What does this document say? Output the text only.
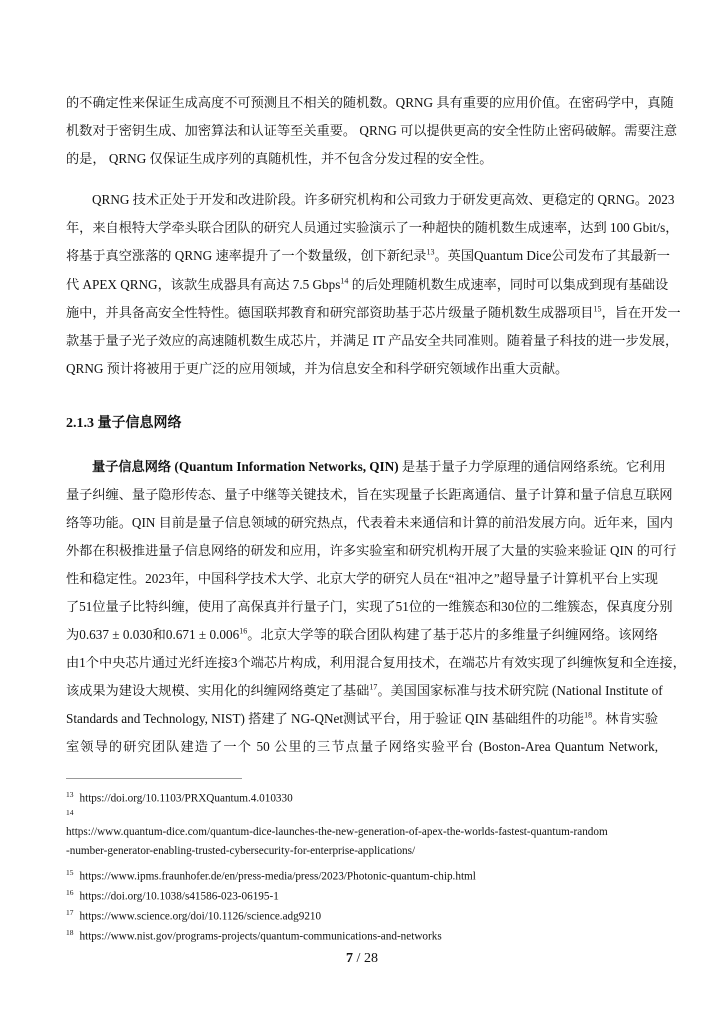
的不确定性来保证生成高度不可预测且不相关的随机数。QRNG 具有重要的应用价值。在密码学中，真随
机数对于密钥生成、加密算法和认证等至关重要。 QRNG 可以提供更高的安全性防止密码破解。需要注意
的是， QRNG 仅保证生成序列的真随机性，并不包含分发过程的安全性。
QRNG 技术正处于开发和改进阶段。许多研究机构和公司致力于研发更高效、更稳定的 QRNG。2023
年，来自根特大学牵头联合团队的研究人员通过实验演示了一种超快的随机数生成速率，达到 100 Gbit/s，
将基于真空涨落的 QRNG 速率提升了一个数量级，创下新纪录$^{13}$。英国Quantum Dice公司发布了其最新一
代 APEX QRNG，该款生成器具有高达 7.5 Gbps$^{14}$ 的后处理随机数生成速率，同时可以集成到现有基础设
施中，并具备高安全性特性。德国联邦教育和研究部资助基于芯片级量子随机数生成器项目$^{15}$，旨在开发一
款基于量子光子效应的高速随机数生成芯片，并满足 IT 产品安全共同准则。随着量子科技的进一步发展，
QRNG 预计将被用于更广泛的应用领域，并为信息安全和科学研究领域作出重大贡献。
2.1.3 量子信息网络
量子信息网络 (Quantum Information Networks, QIN) 是基于量子力学原理的通信网络系统。它利用
量子纠缠、量子隐形传态、量子中继等关键技术，旨在实现量子长距离通信、量子计算和量子信息互联网
络等功能。QIN 目前是量子信息领域的研究热点，代表着未来通信和计算的前沿发展方向。近年来，国内
外都在积极推进量子信息网络的研发和应用，许多实验室和研究机构开展了大量的实验来验证 QIN 的可行
性和稳定性。2023年，中国科学技术大学、北京大学的研究人员在“祖冲之”超导量子计算机平台上实现
了51位量子比特纠缠，使用了高保真并行量子门，实现了51位的一维簇态和30位的二维簇态，保真度分别
为0.637 ± 0.030和$0.671 \pm 0.006^{16}$。北京大学等的联合团队构建了基于芯片的多维量子纠缠网络。该网络
由1个中央芯片通过光纤连接3个端芯片构成，利用混合复用技术，在端芯片有效实现了纠缠恢复和全连接，
该成果为建设大规模、实用化的纠缠网络奠定了基础$^{17}$。美国国家标准与技术研究院 (National Institute of
Standards and Technology, NIST) 搭建了 NG-QNet测试平台，用于验证 QIN 基础组件的功能$^{18}$。林肯实验
室领导的研究团队建造了一个 50 公里的三节点量子网络实验平台 (Boston-Area Quantum Network,
$^{13}$ https://doi.org/10.1103/PRXQuantum.4.010330
$^{14}$
https://www.quantum-dice.com/quantum-dice-launches-the-new-generation-of-apex-the-worlds-fastest-quantum-random
-number-generator-enabling-trusted-cybersecurity-for-enterprise-applications/
$^{15}$ https://www.ipms.fraunhofer.de/en/press-media/press/2023/Photonic-quantum-chip.html
$^{16}$ https://doi.org/10.1038/s41586-023-06195-1
$^{17}$ https://www.science.org/doi/10.1126/science.adg9210
$^{18}$ https://www.nist.gov/programs-projects/quantum-communications-and-networks
7 / 28
